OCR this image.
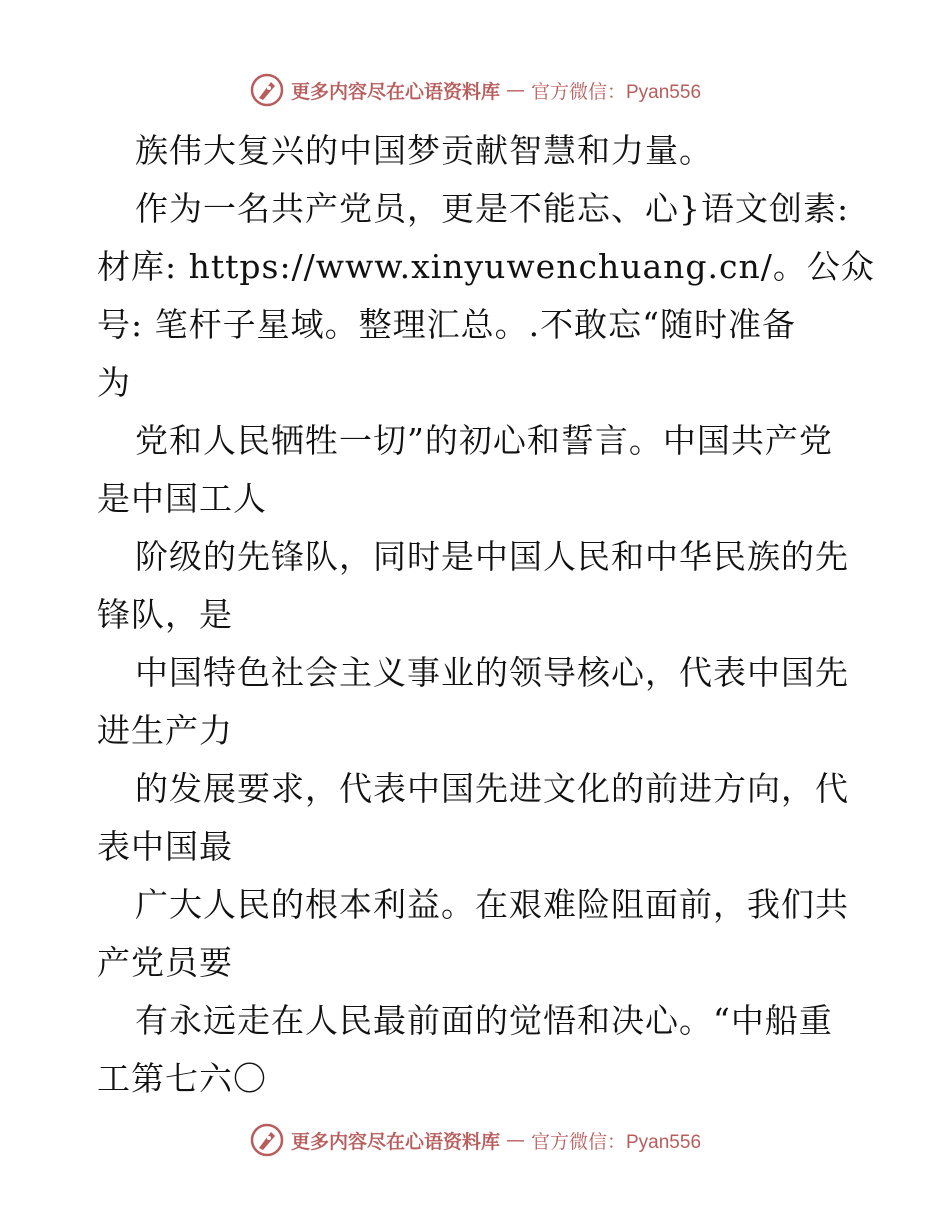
更多内容尽在心语资料库 — 官方微信：Pyan556
族伟大复兴的中国梦贡献智慧和力量。
作为一名共产党员，更是不能忘、心}语文创素:
材库: https://www.xinyuwenchuang.cn/。公众
号: 笔杆子星域。整理汇总。.不敢忘“随时准备
为
党和人民牺牲一切”的初心和誓言。中国共产党
是中国工人
阶级的先锋队，同时是中国人民和中华民族的先
锋队，是
中国特色社会主义事业的领导核心，代表中国先
进生产力
的发展要求，代表中国先进文化的前进方向，代
表中国最
广大人民的根本利益。在艰难险阻面前，我们共
产党员要
有永远走在人民最前面的觉悟和决心。“中船重
工第七六〇
更多内容尽在心语资料库 — 官方微信：Pyan556
